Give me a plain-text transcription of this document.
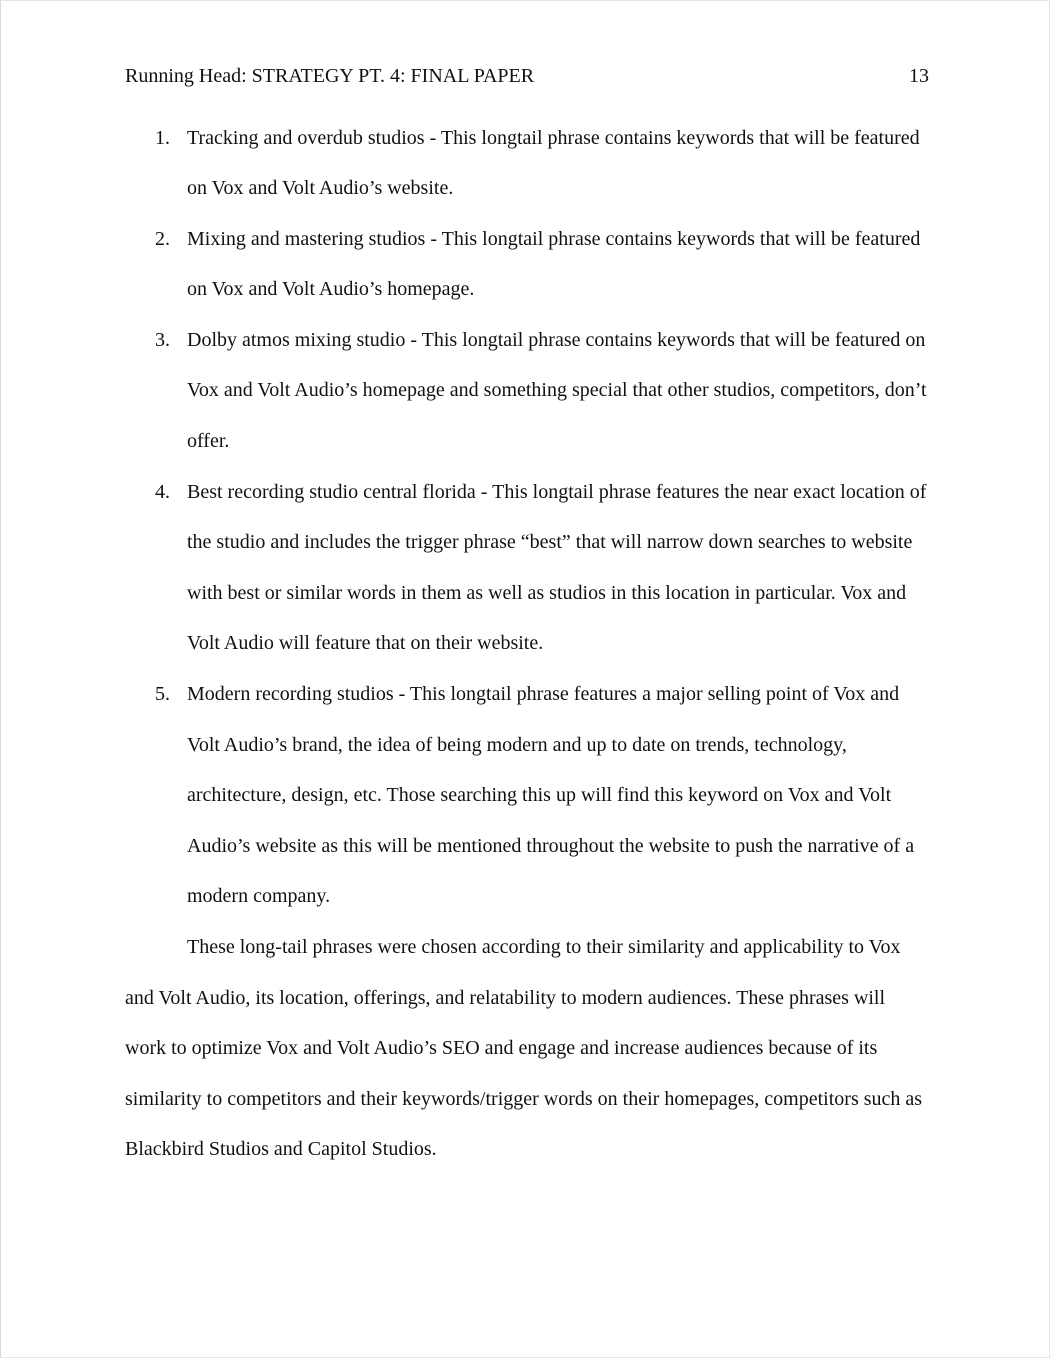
Running Head: STRATEGY PT. 4: FINAL PAPER	13
1. Tracking and overdub studios - This longtail phrase contains keywords that will be featured on Vox and Volt Audio’s website.
2. Mixing and mastering studios - This longtail phrase contains keywords that will be featured on Vox and Volt Audio’s homepage.
3. Dolby atmos mixing studio - This longtail phrase contains keywords that will be featured on Vox and Volt Audio’s homepage and something special that other studios, competitors, don’t offer.
4. Best recording studio central florida - This longtail phrase features the near exact location of the studio and includes the trigger phrase “best” that will narrow down searches to website with best or similar words in them as well as studios in this location in particular. Vox and Volt Audio will feature that on their website.
5. Modern recording studios - This longtail phrase features a major selling point of Vox and Volt Audio’s brand, the idea of being modern and up to date on trends, technology, architecture, design, etc. Those searching this up will find this keyword on Vox and Volt Audio’s website as this will be mentioned throughout the website to push the narrative of a modern company.

These long-tail phrases were chosen according to their similarity and applicability to Vox and Volt Audio, its location, offerings, and relatability to modern audiences. These phrases will work to optimize Vox and Volt Audio’s SEO and engage and increase audiences because of its similarity to competitors and their keywords/trigger words on their homepages, competitors such as Blackbird Studios and Capitol Studios.
